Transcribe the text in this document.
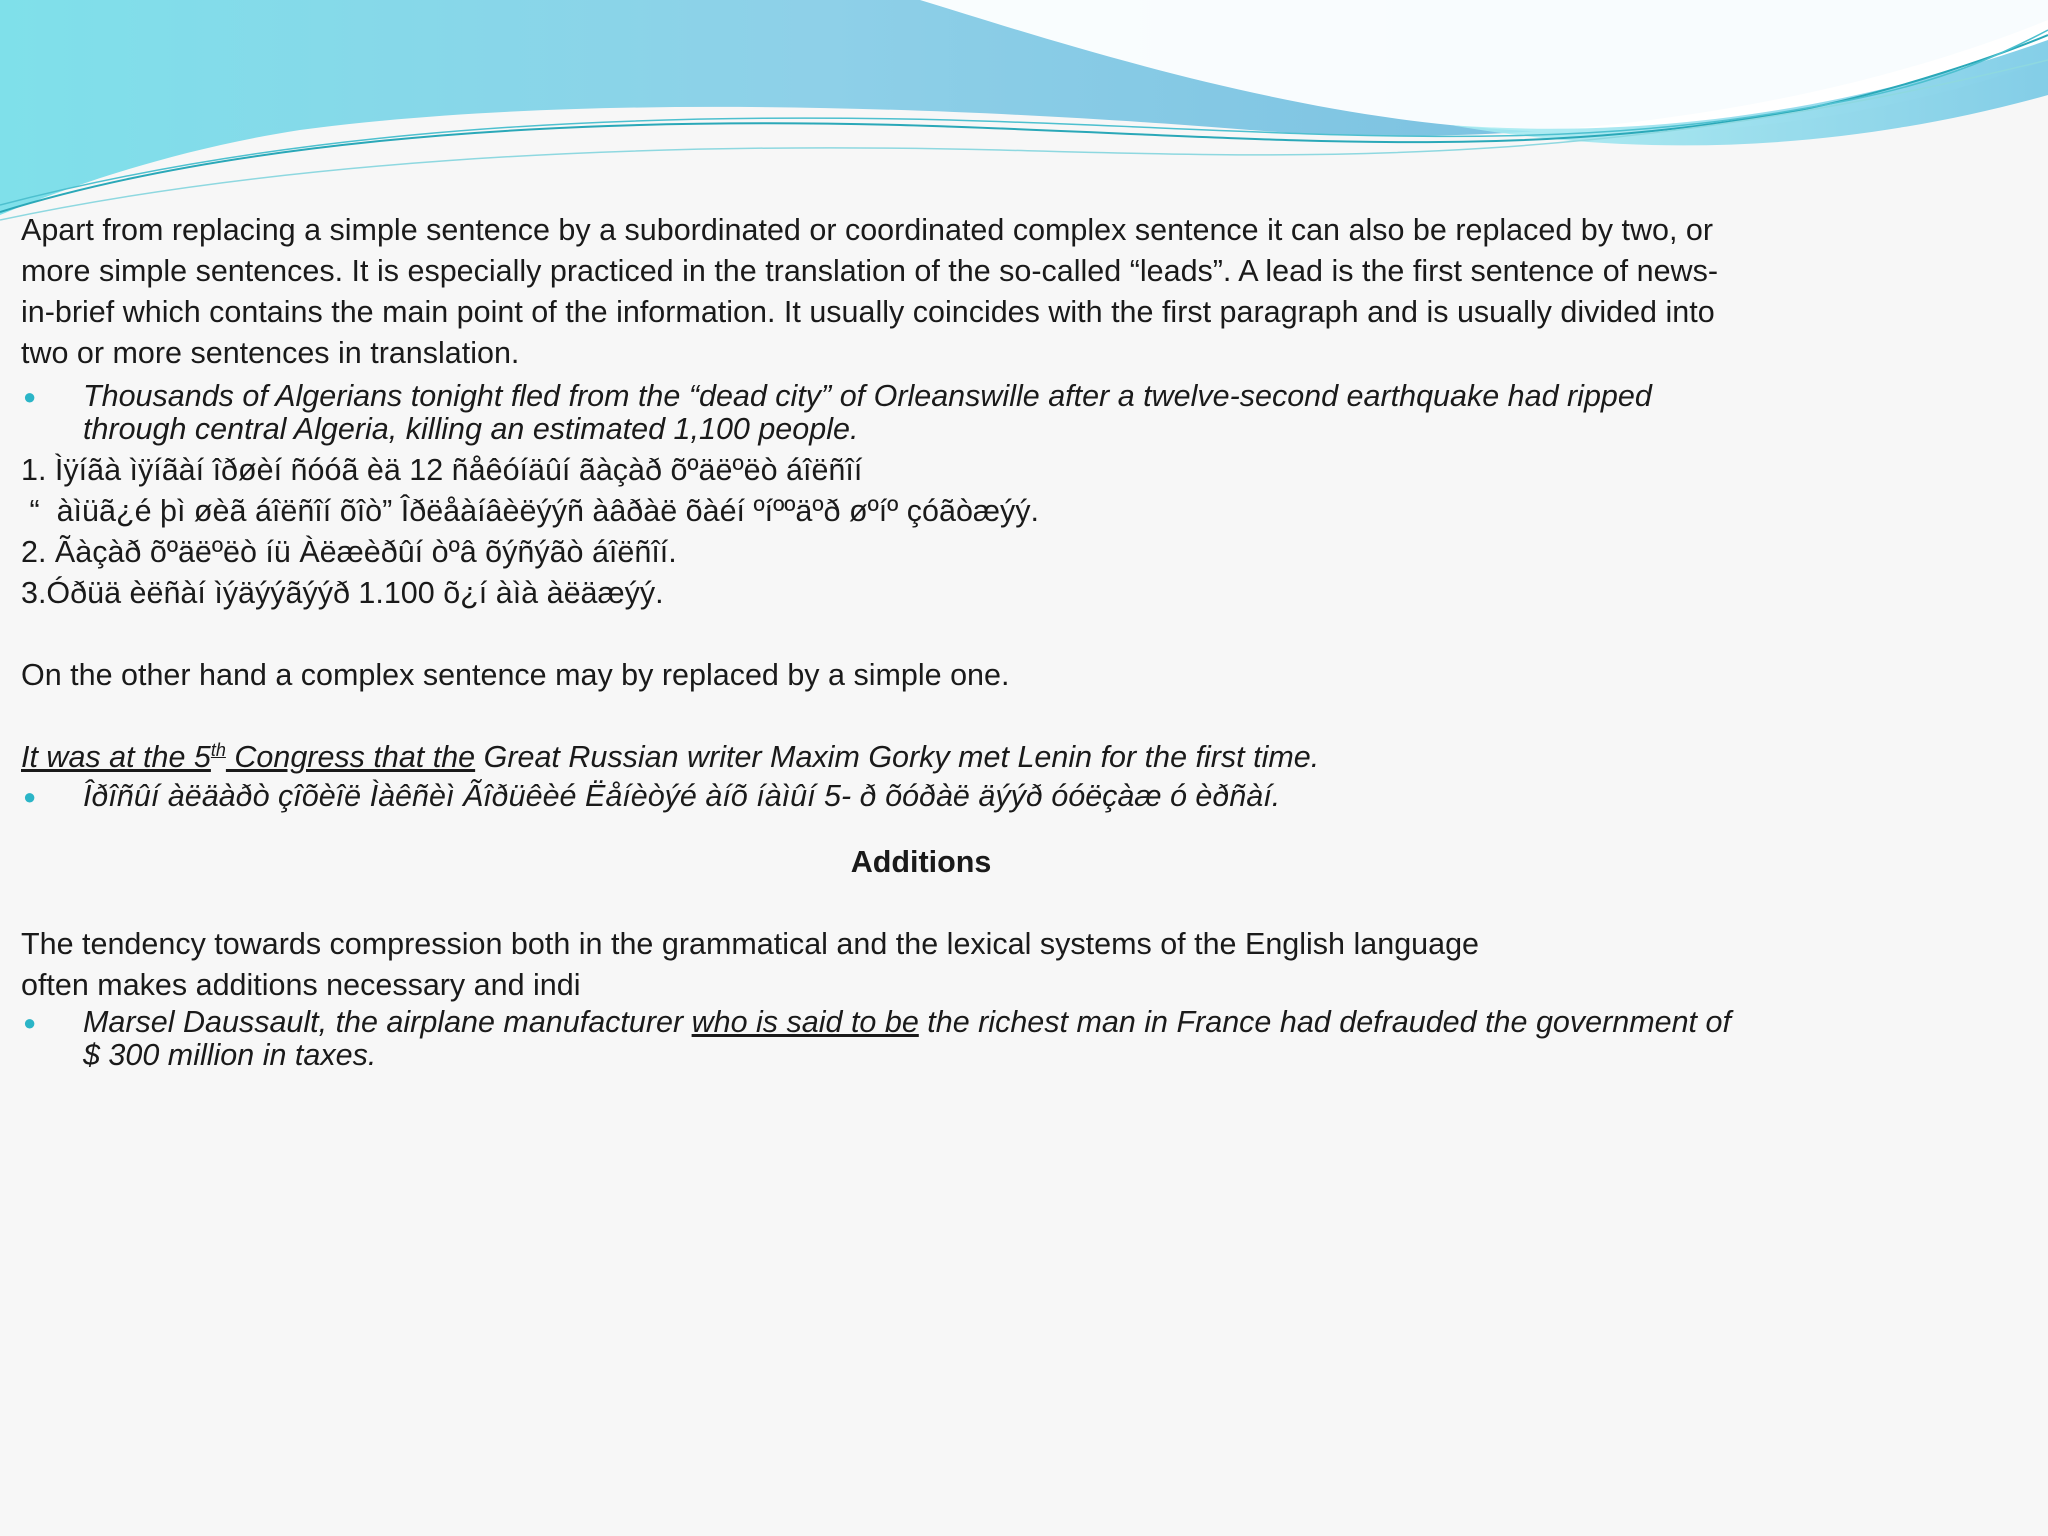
Apart from replacing a simple sentence by a subordinated or coordinated complex sentence it can also be replaced by two, or more simple sentences. It is especially practiced in the translation of the so-called “leads”. A lead is the first sentence of news-in-brief which contains the main point of the information. It usually coincides with the first paragraph and is usually divided into two or more sentences in translation.

● Thousands of Algerians tonight fled from the “dead city” of Orleanswille after a twelve-second earthquake had ripped through central Algeria, killing an estimated 1,100 people.
1. Ìÿíãà ìÿíãàí îðøèí ñóóã èä 12 ñåêóíäûí ãàçàð õºäëºëò áîëñîí
“  àìüã¿é þì øèã áîëñîí õîò” Îðëåàíâèëýýñ àâðàë õàéí ºíººäºð øºíº çóãòæýý.
2. Ãàçàð õºäëºëò íü Àëæèðûí òºâ õýñýãò áîëñîí.
3.Óðüä èëñàí ìýäýýãýýð 1.100 õ¿í àìà àëäæýý.

On the other hand a complex sentence may by replaced by a simple one.

It was at the 5th Congress that the Great Russian writer Maxim Gorky met Lenin for the first time.

● Îðîñûí àëäàðò çîõèîë Ìàêñèì Ãîðüêèé Ëåíèòýé àíõ íàìûí 5- ð õóðàë äýýð óóëçàæ ó èðñàí.

Additions

The tendency towards compression both in the grammatical and the lexical systems of the English language
often makes additions necessary and indi
● Marsel Daussault, the airplane manufacturer who is said to be the richest man in France had defrauded the government of $ 300 million in taxes.
